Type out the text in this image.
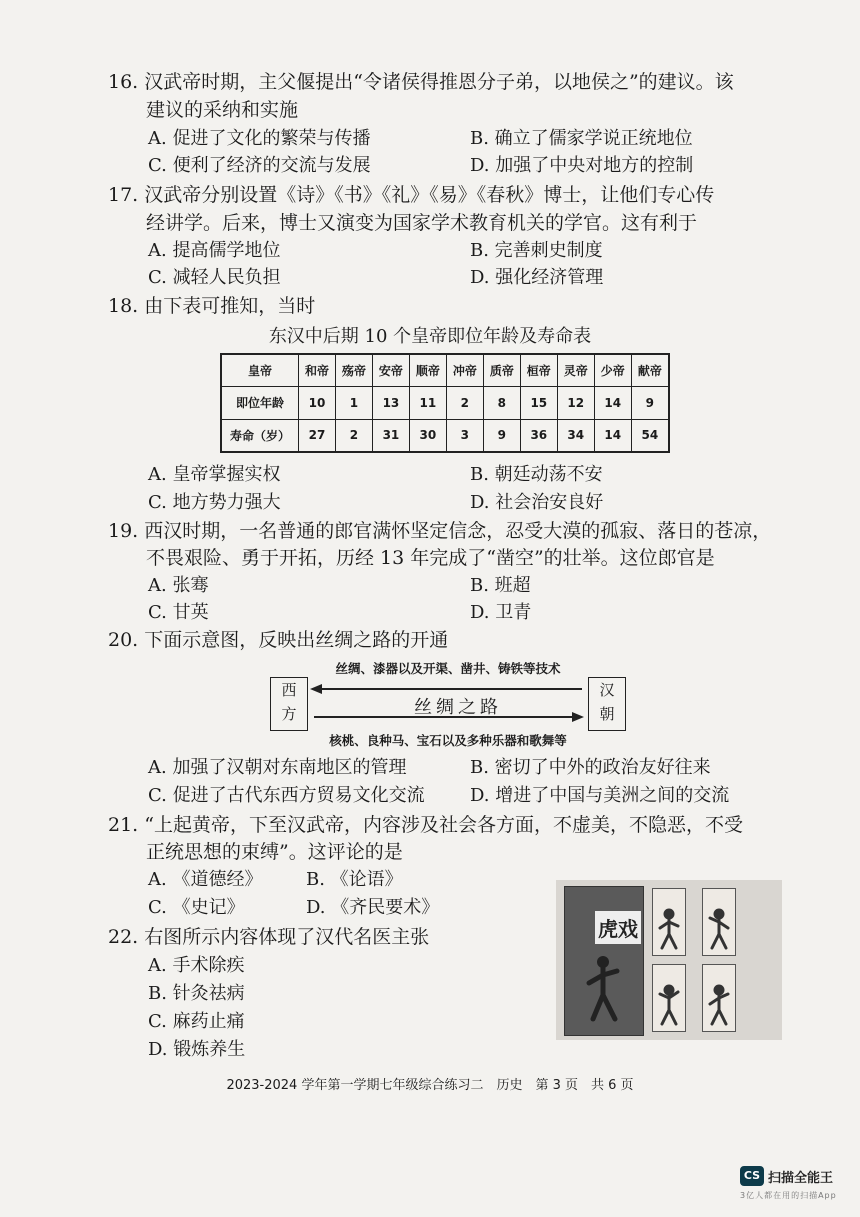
16. 汉武帝时期，主父偃提出“令诸侯得推恩分子弟，以地侯之”的建议。该
建议的采纳和实施
A. 促进了文化的繁荣与传播	B. 确立了儒家学说正统地位
C. 便利了经济的交流与发展	D. 加强了中央对地方的控制
17. 汉武帝分别设置《诗》《书》《礼》《易》《春秋》博士，让他们专心传
经讲学。后来，博士又演变为国家学术教育机关的学官。这有利于
A. 提高儒学地位	B. 完善刺史制度
C. 减轻人民负担	D. 强化经济管理
18. 由下表可推知，当时
东汉中后期 10 个皇帝即位年龄及寿命表
皇帝	和帝	殇帝	安帝	顺帝	冲帝	质帝	桓帝	灵帝	少帝	献帝
即位年龄	10	1	13	11	2	8	15	12	14	9
寿命（岁）	27	2	31	30	3	9	36	34	14	54
A. 皇帝掌握实权	B. 朝廷动荡不安
C. 地方势力强大	D. 社会治安良好
19. 西汉时期，一名普通的郎官满怀坚定信念，忍受大漠的孤寂、落日的苍凉，
不畏艰险、勇于开拓，历经 13 年完成了“凿空”的壮举。这位郎官是
A. 张骞	B. 班超
C. 甘英	D. 卫青
20. 下面示意图，反映出丝绸之路的开通
丝绸、漆器以及开渠、凿井、铸铁等技术
西
方
汉
朝
丝绸之路
核桃、良种马、宝石以及多种乐器和歌舞等
A. 加强了汉朝对东南地区的管理	B. 密切了中外的政治友好往来
C. 促进了古代东西方贸易文化交流	D. 增进了中国与美洲之间的交流
21. “上起黄帝，下至汉武帝，内容涉及社会各方面，不虚美，不隐恶，不受
正统思想的束缚”。这评论的是
A. 《道德经》 B. 《论语》
C. 《史记》	D. 《齐民要术》
22. 右图所示内容体现了汉代名医主张
A. 手术除疾
B. 针灸祛病
C. 麻药止痛
D. 锻炼养生
虎戏
2023-2024 学年第一学期七年级综合练习二　历史　第 3 页　共 6 页
CS 扫描全能王
3亿人都在用的扫描App
